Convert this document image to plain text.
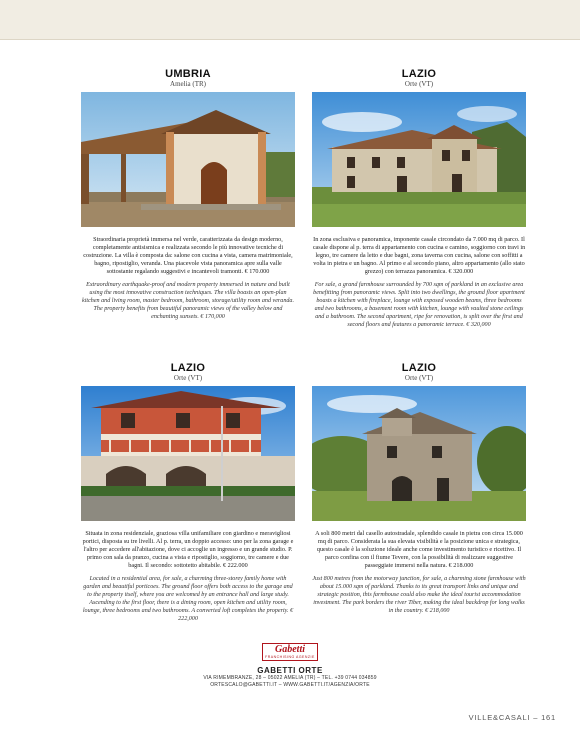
UMBRIA
Amelia (TR)

Straordinaria proprietà immersa nel verde, caratterizzata da design moderno, completamente antisismica e realizzata secondo le più innovative tecniche di costruzione. La villa è composta da: salone con cucina a vista, camera matrimoniale, bagno, ripostiglio, veranda. Una piacevole vista panoramica apre sulla valle sottostante regalando suggestivi e incantevoli tramonti. € 170.000

Extraordinary earthquake-proof and modern property immersed in nature and built using the most innovative construction techniques. The villa boasts an open-plan kitchen and living room, master bedroom, bathroom, storage/utility room and veranda. The property benefits from beautiful panoramic views of the valley below and enchanting sunsets. € 170,000

LAZIO
Orte (VT)

In zona esclusiva e panoramica, imponente casale circondato da 7.000 mq di parco. Il casale dispone al p. terra di appartamento con cucina e camino, soggiorno con travi in legno, tre camere da letto e due bagni, zona taverna con cucina, salone con soffitti a volta in pietra e un bagno. Al primo e al secondo piano, altro appartamento (allo stato grezzo) con terrazza panoramica. € 320.000

For sale, a grand farmhouse surrounded by 700 sqm of parkland in an exclusive area benefitting from panoramic views. Split into two dwellings, the ground floor apartment boasts a kitchen with fireplace, lounge with exposed wooden beams, three bedrooms and two bathrooms, a basement room with kitchen, lounge with vaulted stone ceilings and a bathroom. The second apartment, ripe for renovation, is split over the first and second floors and features a panoramic terrace. € 320,000

LAZIO
Orte (VT)

Situata in zona residenziale, graziosa villa unifamiliare con giardino e meravigliosi portici, disposta su tre livelli. Al p. terra, un doppio accesso: uno per la zona garage e l'altro per accedere all'abitazione, dove ci accoglie un ingresso e un grande studio. P. primo con sala da pranzo, cucina a vista e ripostiglio, soggiorno, tre camere e due bagni. Il secondo: sottotetto abitabile. € 222.000

Located in a residential area, for sale, a charming three-storey family home with garden and beautiful porticoes. The ground floor offers both access to the garage and to the property itself, where you are welcomed by an entrance hall and large study. Ascending to the first floor, there is a dining room, open kitchen and utility room, lounge, three bedrooms and two bathrooms. A converted loft completes the property. € 222,000

LAZIO
Orte (VT)

A soli 800 metri dal casello autostradale, splendido casale in pietra con circa 15.000 mq di parco. Considerata la sua elevata visibilità e la posizione unica e strategica, questo casale è la soluzione ideale anche come investimento turistico e ricettivo. Il parco confina con il fiume Tevere, con la possibilità di realizzare suggestive passeggiate immersi nella natura. € 218.000

Just 800 metres from the motorway junction, for sale, a charming stone farmhouse with about 15.000 sqm of parkland. Thanks to its great transport links and unique and strategic position, this farmhouse could also make the ideal tourist accommodation investment. The park borders the river Tiber, making the ideal backdrop for long walks in the country. € 218,000

Gabetti
FRANCHISING AGENZIE
GABETTI ORTE
VIA RIMEMBRANZE, 28 – 05022 AMELIA (TR) – TEL. +39 0744 034859
ORTESCALO@GABETTI.IT – WWW.GABETTI.IT/AGENZIA/ORTE
VILLE&CASALI – 161
